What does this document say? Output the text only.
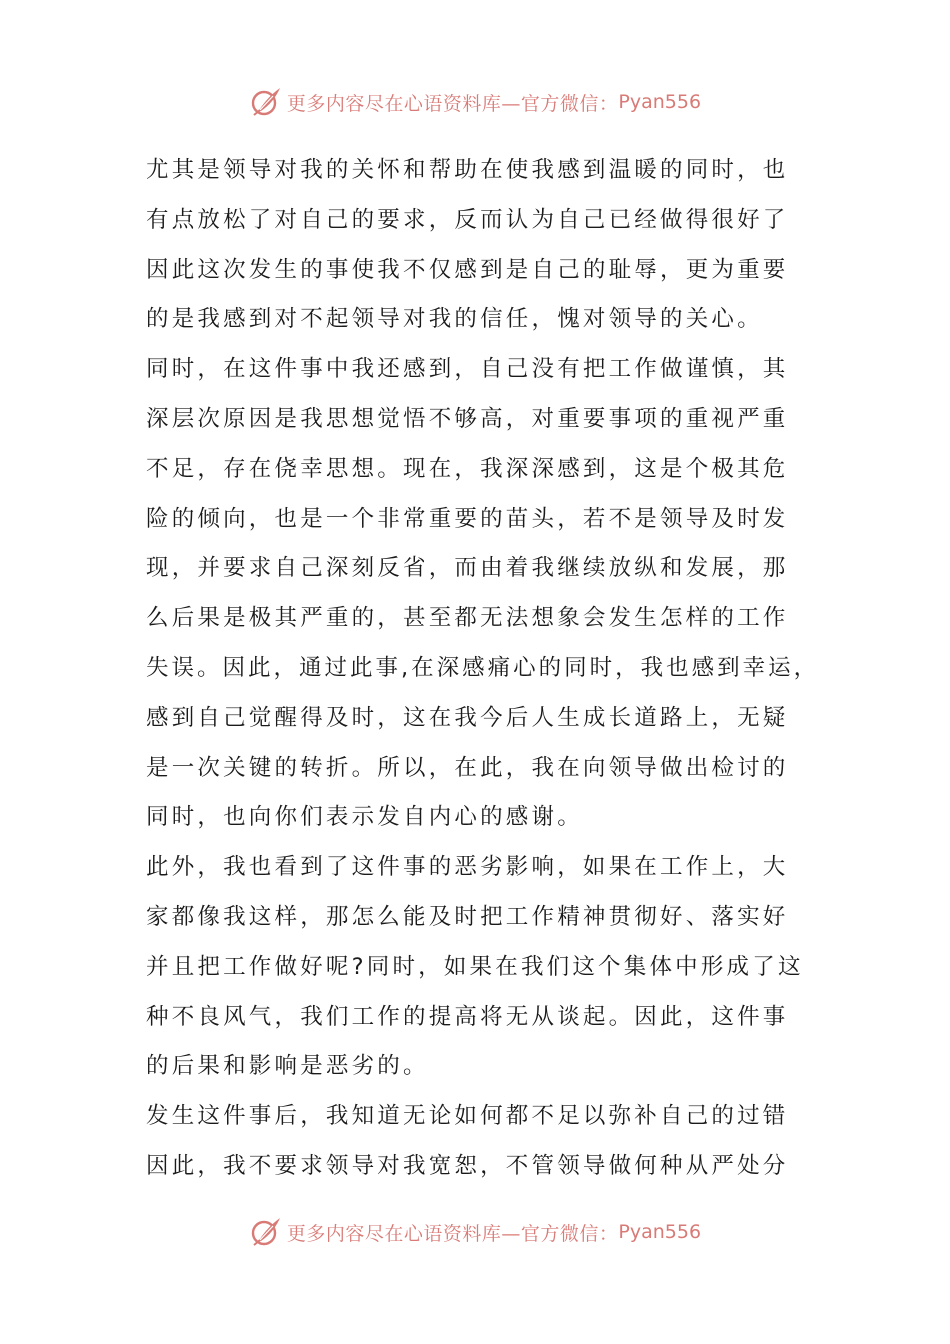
更多内容尽在心语资料库—官方微信： Pyan556
尤其是领导对我的关怀和帮助在使我感到温暖的同时，也
有点放松了对自己的要求，反而认为自己已经做得很好了
因此这次发生的事使我不仅感到是自己的耻辱，更为重要
的是我感到对不起领导对我的信任，愧对领导的关心。
同时，在这件事中我还感到，自己没有把工作做谨慎，其
深层次原因是我思想觉悟不够高，对重要事项的重视严重
不足，存在侥幸思想。现在，我深深感到，这是个极其危
险的倾向，也是一个非常重要的苗头，若不是领导及时发
现，并要求自己深刻反省，而由着我继续放纵和发展，那
么后果是极其严重的，甚至都无法想象会发生怎样的工作
失误。因此，通过此事,在深感痛心的同时，我也感到幸运，
感到自己觉醒得及时，这在我今后人生成长道路上，无疑
是一次关键的转折。所以，在此，我在向领导做出检讨的
同时，也向你们表示发自内心的感谢。
此外，我也看到了这件事的恶劣影响，如果在工作上，大
家都像我这样，那怎么能及时把工作精神贯彻好、落实好
并且把工作做好呢?同时，如果在我们这个集体中形成了这
种不良风气，我们工作的提高将无从谈起。因此，这件事
的后果和影响是恶劣的。
发生这件事后，我知道无论如何都不足以弥补自己的过错
因此，我不要求领导对我宽恕，不管领导做何种从严处分
更多内容尽在心语资料库—官方微信： Pyan556
